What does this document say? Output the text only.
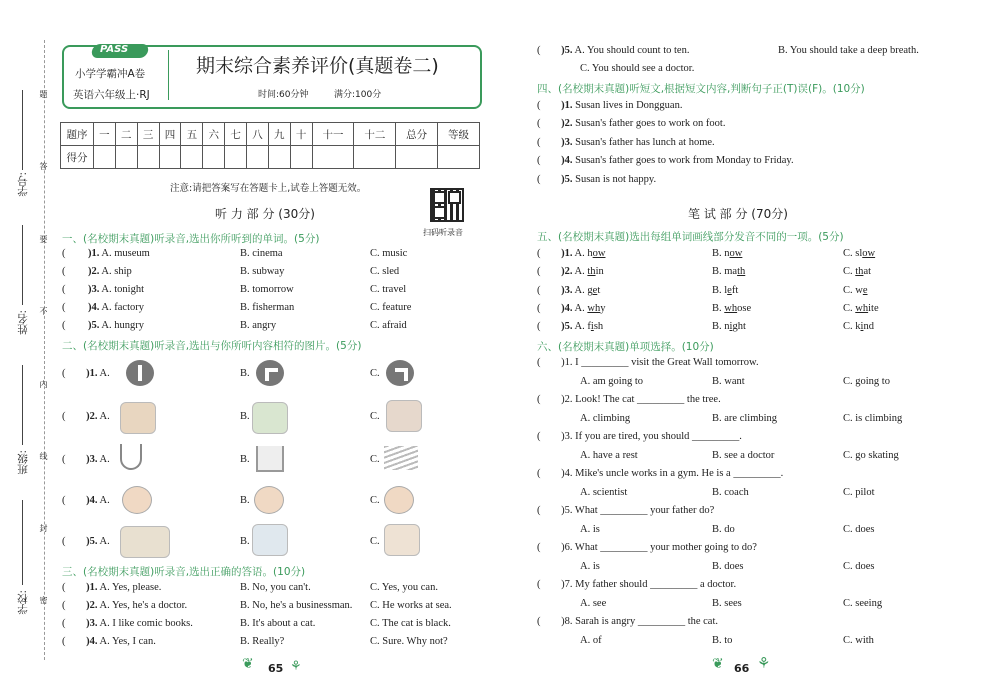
学号:
姓名:
班级:
学校:
题
答
要
不
内
线
封
密
PASS
小学学霸冲A卷
英语六年级上·RJ
期末综合素养评价(真题卷二)
时间:60分钟	满分:100分
题序	一	二	三	四	五	六	七	八	九	十	十一	十二	总分	等级
得分														
注意:请把答案写在答题卡上,试卷上答题无效。
扫码听录音
听 力 部 分 (30分)
一、(名校期末真题)听录音,选出你所听到的单词。(5分)
( )1. A. museum	B. cinema	C. music
( )2. A. ship	B. subway	C. sled
( )3. A. tonight	B. tomorrow	C. travel
( )4. A. factory	B. fisherman	C. feature
( )5. A. hungry	B. angry	C. afraid
二、(名校期末真题)听录音,选出与你所听内容相符的图片。(5分)
( )1. A.	B.	C.
( )2. A.	B.	C.
( )3. A.	B.	C.
( )4. A.	B.	C.
( )5. A.	B.	C.
三、(名校期末真题)听录音,选出正确的答语。(10分)
( )1. A. Yes, please.	B. No, you can't.	C. Yes, you can.
( )2. A. Yes, he's a doctor.	B. No, he's a businessman. C. He works at sea.
( )3. A. I like comic books.	B. It's about a cat.	C. The cat is black.
( )4. A. Yes, I can.	B. Really?	C. Sure. Why not?
❦ 65 ⚘
( )5. A. You should count to ten.	B. You should take a deep breath.
C. You should see a doctor.
四、(名校期末真题)听短文,根据短文内容,判断句子正(T)误(F)。(10分)
( )1. Susan lives in Dongguan.
( )2. Susan's father goes to work on foot.
( )3. Susan's father has lunch at home.
( )4. Susan's father goes to work from Monday to Friday.
( )5. Susan is not happy.
笔 试 部 分 (70分)
五、(名校期末真题)选出每组单词画线部分发音不同的一项。(5分)
( )1. A. how	B. now	C. slow
( )2. A. thin	B. math	C. that
( )3. A. get	B. left	C. we
( )4. A. why	B. whose	C. white
( )5. A. fish	B. night	C. kind
六、(名校期末真题)单项选择。(10分)
( )1. I _________ visit the Great Wall tomorrow.
A. am going to	B. want	C. going to
( )2. Look! The cat _________ the tree.
A. climbing	B. are climbing	C. is climbing
( )3. If you are tired, you should _________.
A. have a rest	B. see a doctor	C. go skating
( )4. Mike's uncle works in a gym. He is a _________.
A. scientist	B. coach	C. pilot
( )5. What _________ your father do?
A. is	B. do	C. does
( )6. What _________ your mother going to do?
A. is	B. does	C. does
( )7. My father should _________ a doctor.
A. see	B. sees	C. seeing
( )8. Sarah is angry _________ the cat.
A. of	B. to	C. with
❦ 66 ⚘
